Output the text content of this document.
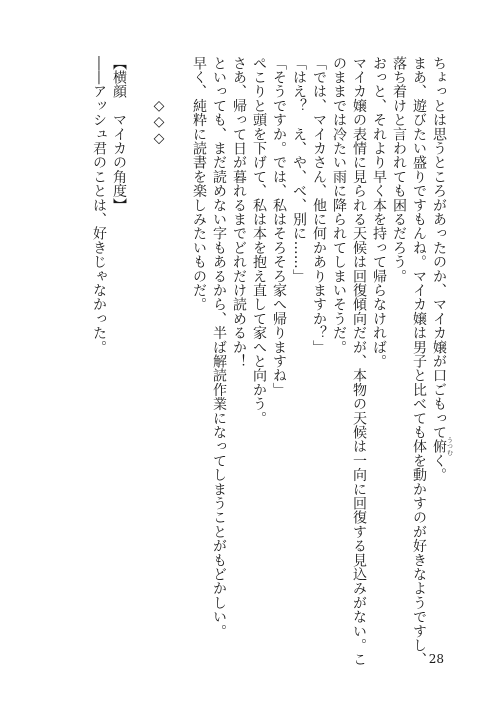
ちょっとは思うところがあったのか、マイカ嬢が口ごもって俯うつむく。
まあ、遊びたい盛りですもんね。マイカ嬢は男子と比べても体を動かすのが好きなようですし、
落ち着けと言われても困るだろう。
おっと、それより早く本を持って帰らなければ。
マイカ嬢の表情に見られる天候は回復傾向だが、本物の天候は一向に回復する見込みがない。こ
のままでは冷たい雨に降られてしまいそうだ。
「では、マイカさん、他に何かありますか？」
「はえ？　え、や、べ、別に……」
「そうですか。では、私はそろそろ家へ帰りますね」
ぺこりと頭を下げて、私は本を抱え直して家へと向かう。
さあ、帰って日が暮れるまでどれだけ読めるか！
といっても、まだ読めない字もあるから、半ば解読作業になってしまうことがもどかしい。
早く、純粋に読書を楽しみたいものだ。
◇◇◇
【横顔　マイカの角度】
――アッシュ君のことは、好きじゃなかった。
28
